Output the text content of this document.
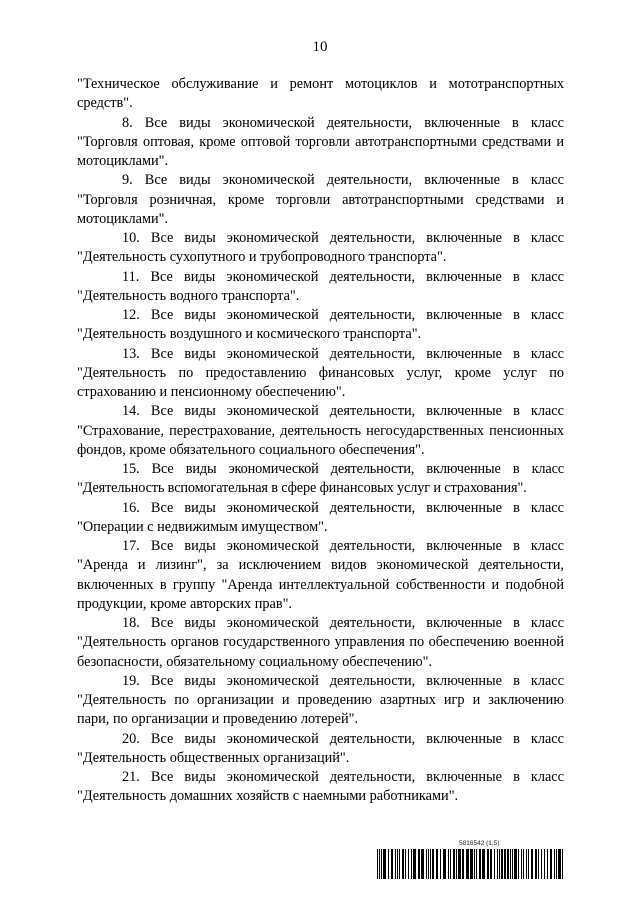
10

"Техническое обслуживание и ремонт мотоциклов и мототранспортных средств".

8. Все виды экономической деятельности, включенные в класс "Торговля оптовая, кроме оптовой торговли автотранспортными средствами и мотоциклами".

9. Все виды экономической деятельности, включенные в класс "Торговля розничная, кроме торговли автотранспортными средствами и мотоциклами".

10. Все виды экономической деятельности, включенные в класс "Деятельность сухопутного и трубопроводного транспорта".

11. Все виды экономической деятельности, включенные в класс "Деятельность водного транспорта".

12. Все виды экономической деятельности, включенные в класс "Деятельность воздушного и космического транспорта".

13. Все виды экономической деятельности, включенные в класс "Деятельность по предоставлению финансовых услуг, кроме услуг по страхованию и пенсионному обеспечению".

14. Все виды экономической деятельности, включенные в класс "Страхование, перестрахование, деятельность негосударственных пенсионных фондов, кроме обязательного социального обеспечения".

15. Все виды экономической деятельности, включенные в класс "Деятельность вспомогательная в сфере финансовых услуг и страхования".

16. Все виды экономической деятельности, включенные в класс "Операции с недвижимым имуществом".

17. Все виды экономической деятельности, включенные в класс "Аренда и лизинг", за исключением видов экономической деятельности, включенных в группу "Аренда интеллектуальной собственности и подобной продукции, кроме авторских прав".

18. Все виды экономической деятельности, включенные в класс "Деятельность органов государственного управления по обеспечению военной безопасности, обязательному социальному обеспечению".

19. Все виды экономической деятельности, включенные в класс "Деятельность по организации и проведению азартных игр и заключению пари, по организации и проведению лотерей".

20. Все виды экономической деятельности, включенные в класс "Деятельность общественных организаций".

21. Все виды экономической деятельности, включенные в класс "Деятельность домашних хозяйств с наемными работниками".

5816542 (1.5)
